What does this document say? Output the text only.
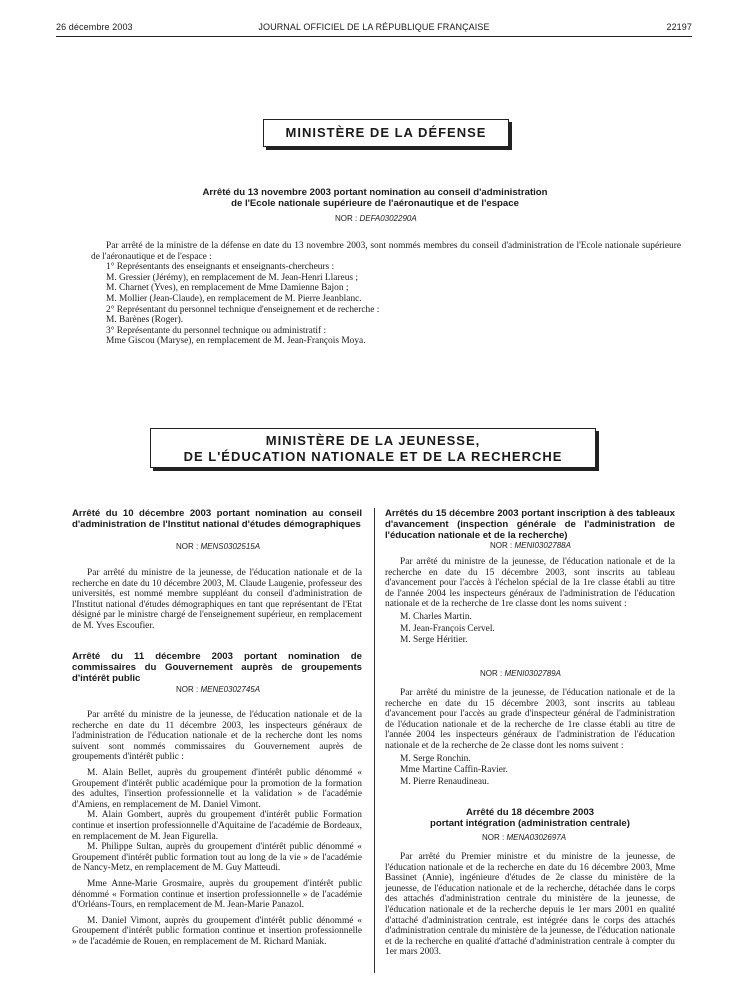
26 décembre 2003	JOURNAL OFFICIEL DE LA RÉPUBLIQUE FRANÇAISE	22197
MINISTÈRE DE LA DÉFENSE
Arrêté du 13 novembre 2003 portant nomination au conseil d'administration
de l'Ecole nationale supérieure de l'aéronautique et de l'espace
NOR : DEFA0302290A

Par arrêté de la ministre de la défense en date du 13 novembre 2003, sont nommés membres du conseil d'administration de l'Ecole nationale supérieure de l'aéronautique et de l'espace :

1° Représentants des enseignants et enseignants-chercheurs :

M. Gressier (Jérémy), en remplacement de M. Jean-Henri Llareus ;

M. Charnet (Yves), en remplacement de Mme Damienne Bajon ;

M. Mollier (Jean-Claude), en remplacement de M. Pierre Jeanblanc.

2° Représentant du personnel technique d'enseignement et de recherche :

M. Barènes (Roger).

3° Représentante du personnel technique ou administratif :

Mme Giscou (Maryse), en remplacement de M. Jean-François Moya.

MINISTÈRE DE LA JEUNESSE,
DE L'ÉDUCATION NATIONALE ET DE LA RECHERCHE
Arrêté du 10 décembre 2003 portant nomination au conseil d'administration de l'Institut national d'études démographiques
NOR : MENS0302515A

Par arrêté du ministre de la jeunesse, de l'éducation nationale et de la recherche en date du 10 décembre 2003, M. Claude Laugenie, professeur des universités, est nommé membre suppléant du conseil d'administration de l'Institut national d'études démographiques en tant que représentant de l'Etat désigné par le ministre chargé de l'enseignement supérieur, en remplacement de M. Yves Escoufier.

Arrêté du 11 décembre 2003 portant nomination de commissaires du Gouvernement auprès de groupements d'intérêt public
NOR : MENE0302745A

Par arrêté du ministre de la jeunesse, de l'éducation nationale et de la recherche en date du 11 décembre 2003, les inspecteurs généraux de l'administration de l'éducation nationale et de la recherche dont les noms suivent sont nommés commissaires du Gouvernement auprès de groupements d'intérêt public :

M. Alain Bellet, auprès du groupement d'intérêt public dénommé « Groupement d'intérêt public académique pour la promotion de la formation des adultes, l'insertion professionnelle et la validation » de l'académie d'Amiens, en remplacement de M. Daniel Vimont.

M. Alain Gombert, auprès du groupement d'intérêt public Formation continue et insertion professionnelle d'Aquitaine de l'académie de Bordeaux, en remplacement de M. Jean Figurella.

M. Philippe Sultan, auprès du groupement d'intérêt public dénommé « Groupement d'intérêt public formation tout au long de la vie » de l'académie de Nancy-Metz, en remplacement de M. Guy Matteudi.

Mme Anne-Marie Grosmaire, auprès du groupement d'intérêt public dénommé « Formation continue et insertion professionnelle » de l'académie d'Orléans-Tours, en remplacement de M. Jean-Marie Panazol.

M. Daniel Vimont, auprès du groupement d'intérêt public dénommé « Groupement d'intérêt public formation continue et insertion professionnelle » de l'académie de Rouen, en remplacement de M. Richard Maniak.

Arrêtés du 15 décembre 2003 portant inscription à des tableaux d'avancement (inspection générale de l'administration de l'éducation nationale et de la recherche)
NOR : MENI0302788A

Par arrêté du ministre de la jeunesse, de l'éducation nationale et de la recherche en date du 15 décembre 2003, sont inscrits au tableau d'avancement pour l'accès à l'échelon spécial de la 1re classe établi au titre de l'année 2004 les inspecteurs généraux de l'administration de l'éducation nationale et de la recherche de 1re classe dont les noms suivent :

M. Charles Martin.

M. Jean-François Cervel.

M. Serge Héritier.

NOR : MENI0302789A

Par arrêté du ministre de la jeunesse, de l'éducation nationale et de la recherche en date du 15 décembre 2003, sont inscrits au tableau d'avancement pour l'accès au grade d'inspecteur général de l'administration de l'éducation nationale et de la recherche de 1re classe établi au titre de l'année 2004 les inspecteurs généraux de l'administration de l'éducation nationale et de la recherche de 2e classe dont les noms suivent :

M. Serge Ronchin.

Mme Martine Caffin-Ravier.

M. Pierre Renaudineau.

Arrêté du 18 décembre 2003
portant intégration (administration centrale)
NOR : MENA0302697A

Par arrêté du Premier ministre et du ministre de la jeunesse, de l'éducation nationale et de la recherche en date du 16 décembre 2003, Mme Bassinet (Annie), ingénieure d'études de 2e classe du ministère de la jeunesse, de l'éducation nationale et de la recherche, détachée dans le corps des attachés d'administration centrale du ministère de la jeunesse, de l'éducation nationale et de la recherche depuis le 1er mars 2001 en qualité d'attaché d'administration centrale, est intégrée dans le corps des attachés d'administration centrale du ministère de la jeunesse, de l'éducation nationale et de la recherche en qualité d'attaché d'administration centrale à compter du 1er mars 2003.
